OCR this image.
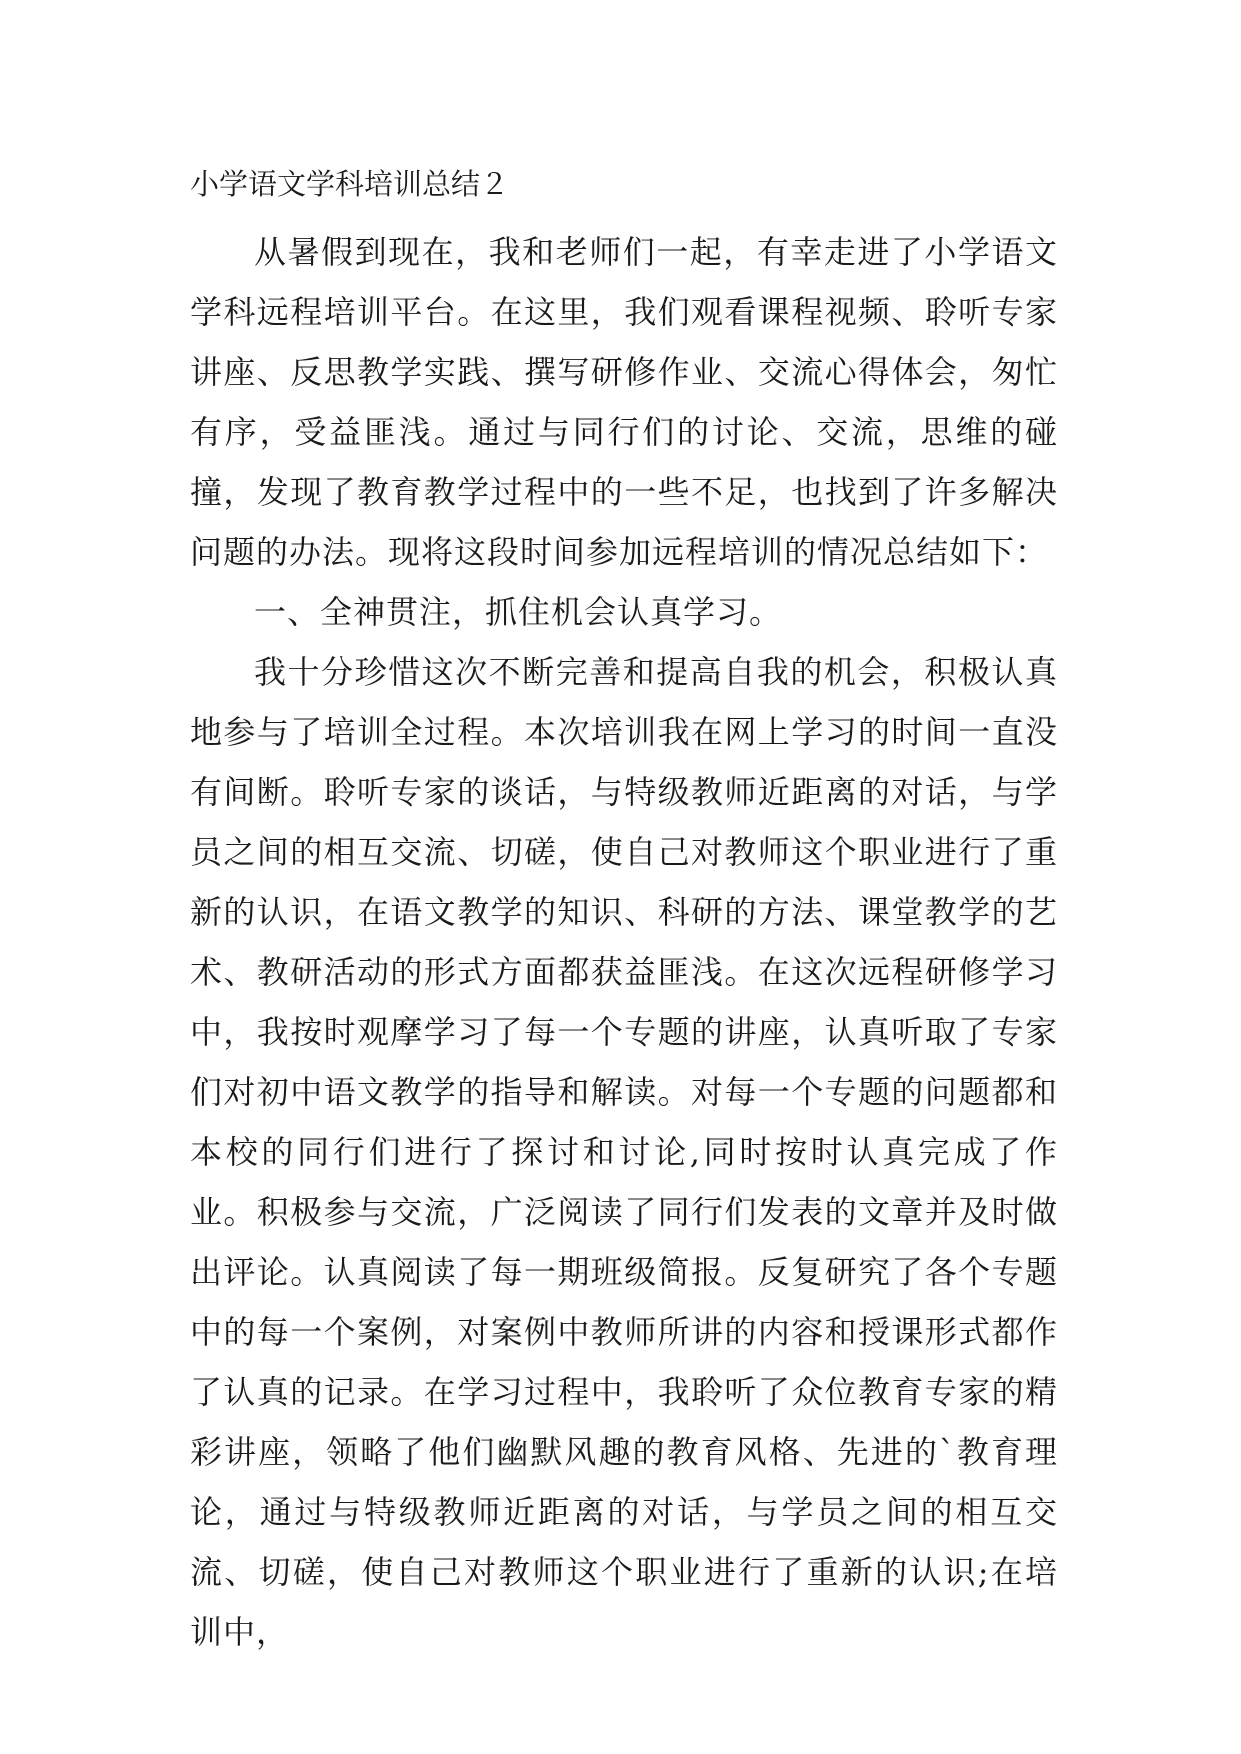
小学语文学科培训总结２

从暑假到现在，我和老师们一起，有幸走进了小学语文学科远程培训平台。在这里，我们观看课程视频、聆听专家讲座、反思教学实践、撰写研修作业、交流心得体会，匆忙有序，受益匪浅。通过与同行们的讨论、交流，思维的碰撞，发现了教育教学过程中的一些不足，也找到了许多解决问题的办法。现将这段时间参加远程培训的情况总结如下：

一、全神贯注，抓住机会认真学习。

我十分珍惜这次不断完善和提高自我的机会，积极认真地参与了培训全过程。本次培训我在网上学习的时间一直没有间断。聆听专家的谈话，与特级教师近距离的对话，与学员之间的相互交流、切磋，使自己对教师这个职业进行了重新的认识，在语文教学的知识、科研的方法、课堂教学的艺术、教研活动的形式方面都获益匪浅。在这次远程研修学习中，我按时观摩学习了每一个专题的讲座，认真听取了专家们对初中语文教学的指导和解读。对每一个专题的问题都和本校的同行们进行了探讨和讨论,同时按时认真完成了作业。积极参与交流，广泛阅读了同行们发表的文章并及时做出评论。认真阅读了每一期班级简报。反复研究了各个专题中的每一个案例，对案例中教师所讲的内容和授课形式都作了认真的记录。在学习过程中，我聆听了众位教育专家的精彩讲座，领略了他们幽默风趣的教育风格、先进的`教育理论，通过与特级教师近距离的对话，与学员之间的相互交流、切磋，使自己对教师这个职业进行了重新的认识;在培训中，
